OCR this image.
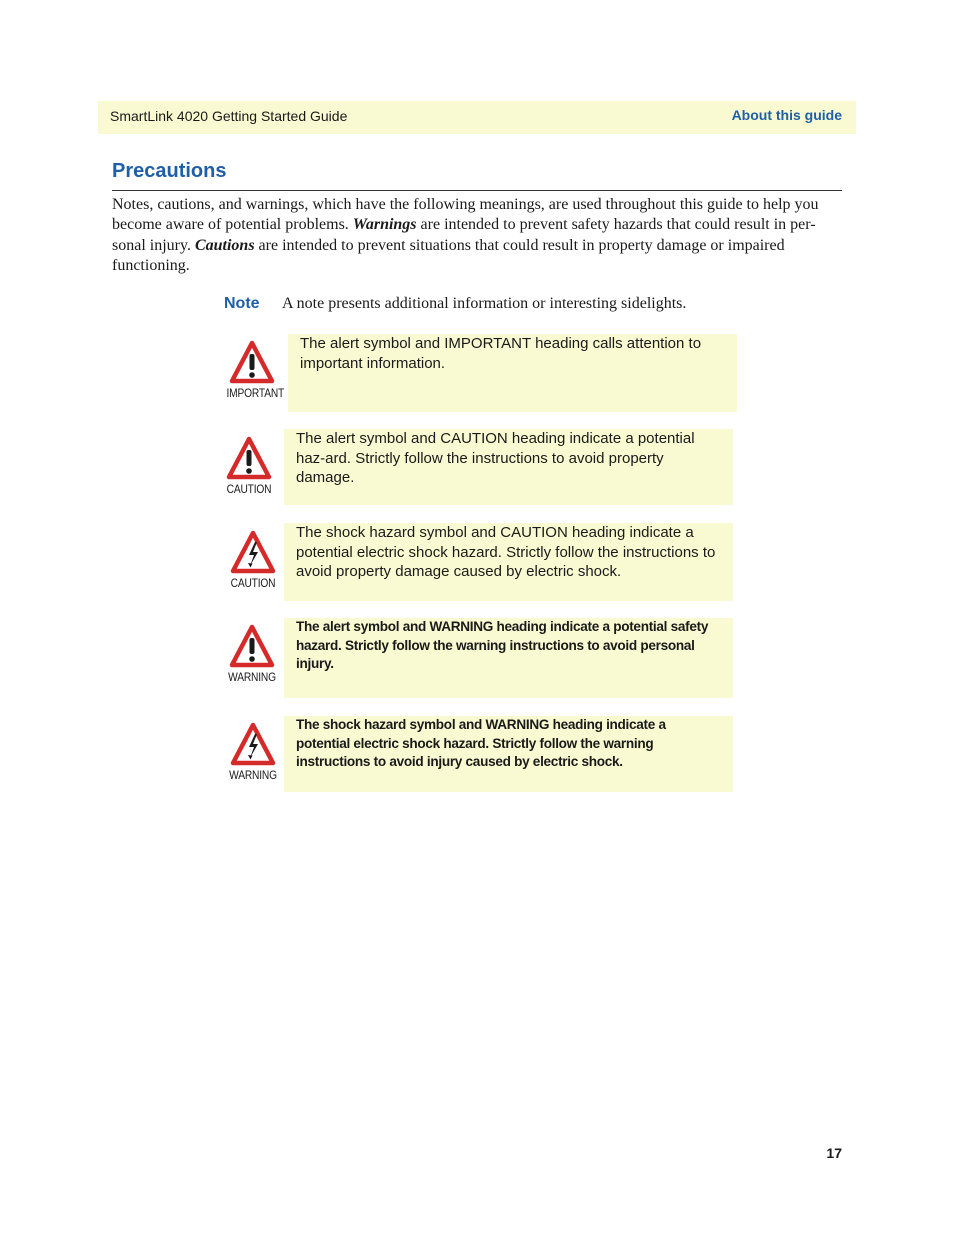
SmartLink 4020 Getting Started Guide	About this guide
Precautions
Notes, cautions, and warnings, which have the following meanings, are used throughout this guide to help you become aware of potential problems. Warnings are intended to prevent safety hazards that could result in per-sonal injury. Cautions are intended to prevent situations that could result in property damage or impaired functioning.
Note A note presents additional information or interesting sidelights.
IMPORTANT
The alert symbol and IMPORTANT heading calls attention to important information.
CAUTION
The alert symbol and CAUTION heading indicate a potential haz-ard. Strictly follow the instructions to avoid property damage.
CAUTION
The shock hazard symbol and CAUTION heading indicate a potential electric shock hazard. Strictly follow the instructions to avoid property damage caused by electric shock.
WARNING
The alert symbol and WARNING heading indicate a potential safety hazard. Strictly follow the warning instructions to avoid personal injury.
WARNING
The shock hazard symbol and WARNING heading indicate a potential electric shock hazard. Strictly follow the warning instructions to avoid injury caused by electric shock.
17
